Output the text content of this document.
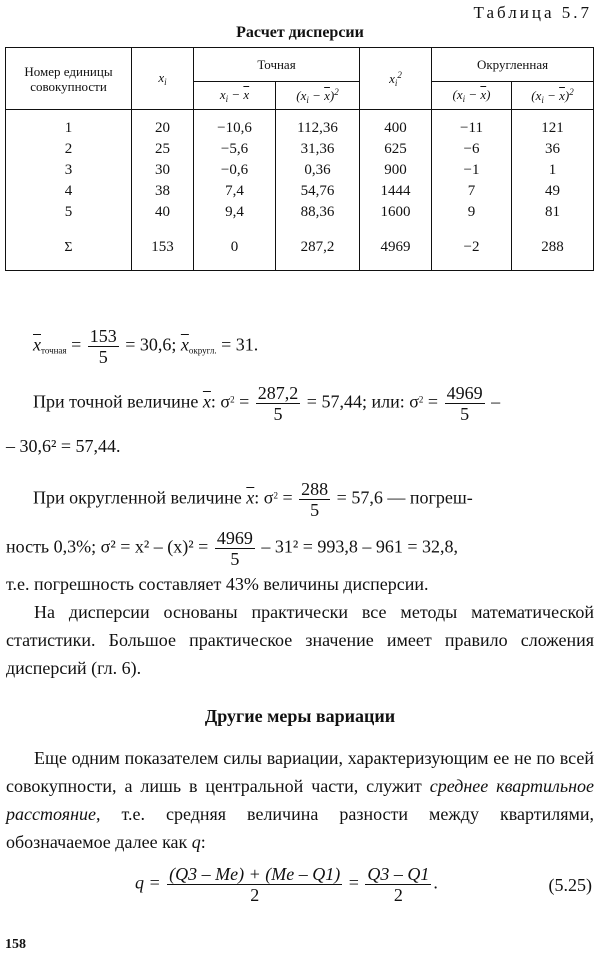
Таблица 5.7
Расчет дисперсии
Номер единицы совокупности	$x_i$	Точная		$x_i^2$	Округленная	
		$x_i - \overline{x}$	$(x_i - \overline{x})^2$		$(x_i - \overline{x})$	$(x_i - \overline{x})^2$

1	20	−10,6	112,36	400	−11	121
2	25	−5,6	31,36	625	−6	36
3	30	−0,6	0,36	900	−1	1
4	38	7,4	54,76	1444	7	49
5	40	9,4	88,36	1600	9	81

Σ	153	0	287,2	4969	−2	288

$\overline{x}_{точная} = \frac{153}{5} = 30,6$; $\overline{x}_{округл.} = 31$.
При точной величине $\overline{x}$: $\sigma^2 = \frac{287,2}{5} = 57,44$; или: $\sigma^2 = \frac{4969}{5}$ –
– 30,6² = 57,44.
При округленной величине $\overline{x}$: $\sigma^2 = \frac{288}{5} = 57,6$ — погреш-
ность 0,3%; $\sigma^2 = x^2 - (x)^2 = \frac{4969}{5} - 31^2 = 993,8 - 961 = 32,8$,
т.е. погрешность составляет 43% величины дисперсии.
На дисперсии основаны практически все методы математической статистики. Большое практическое значение имеет правило сложения дисперсий (гл. 6).
Другие меры вариации
Еще одним показателем силы вариации, характеризующим ее не по всей совокупности, а лишь в центральной части, служит среднее квартильное расстояние, т.е. средняя величина разности между квартилями, обозначаемое далее как q:
$q = \frac{(Q3 - Me) + (Me - Q1)}{2} = \frac{Q3 - Q1}{2}$ .	(5.25)
158
